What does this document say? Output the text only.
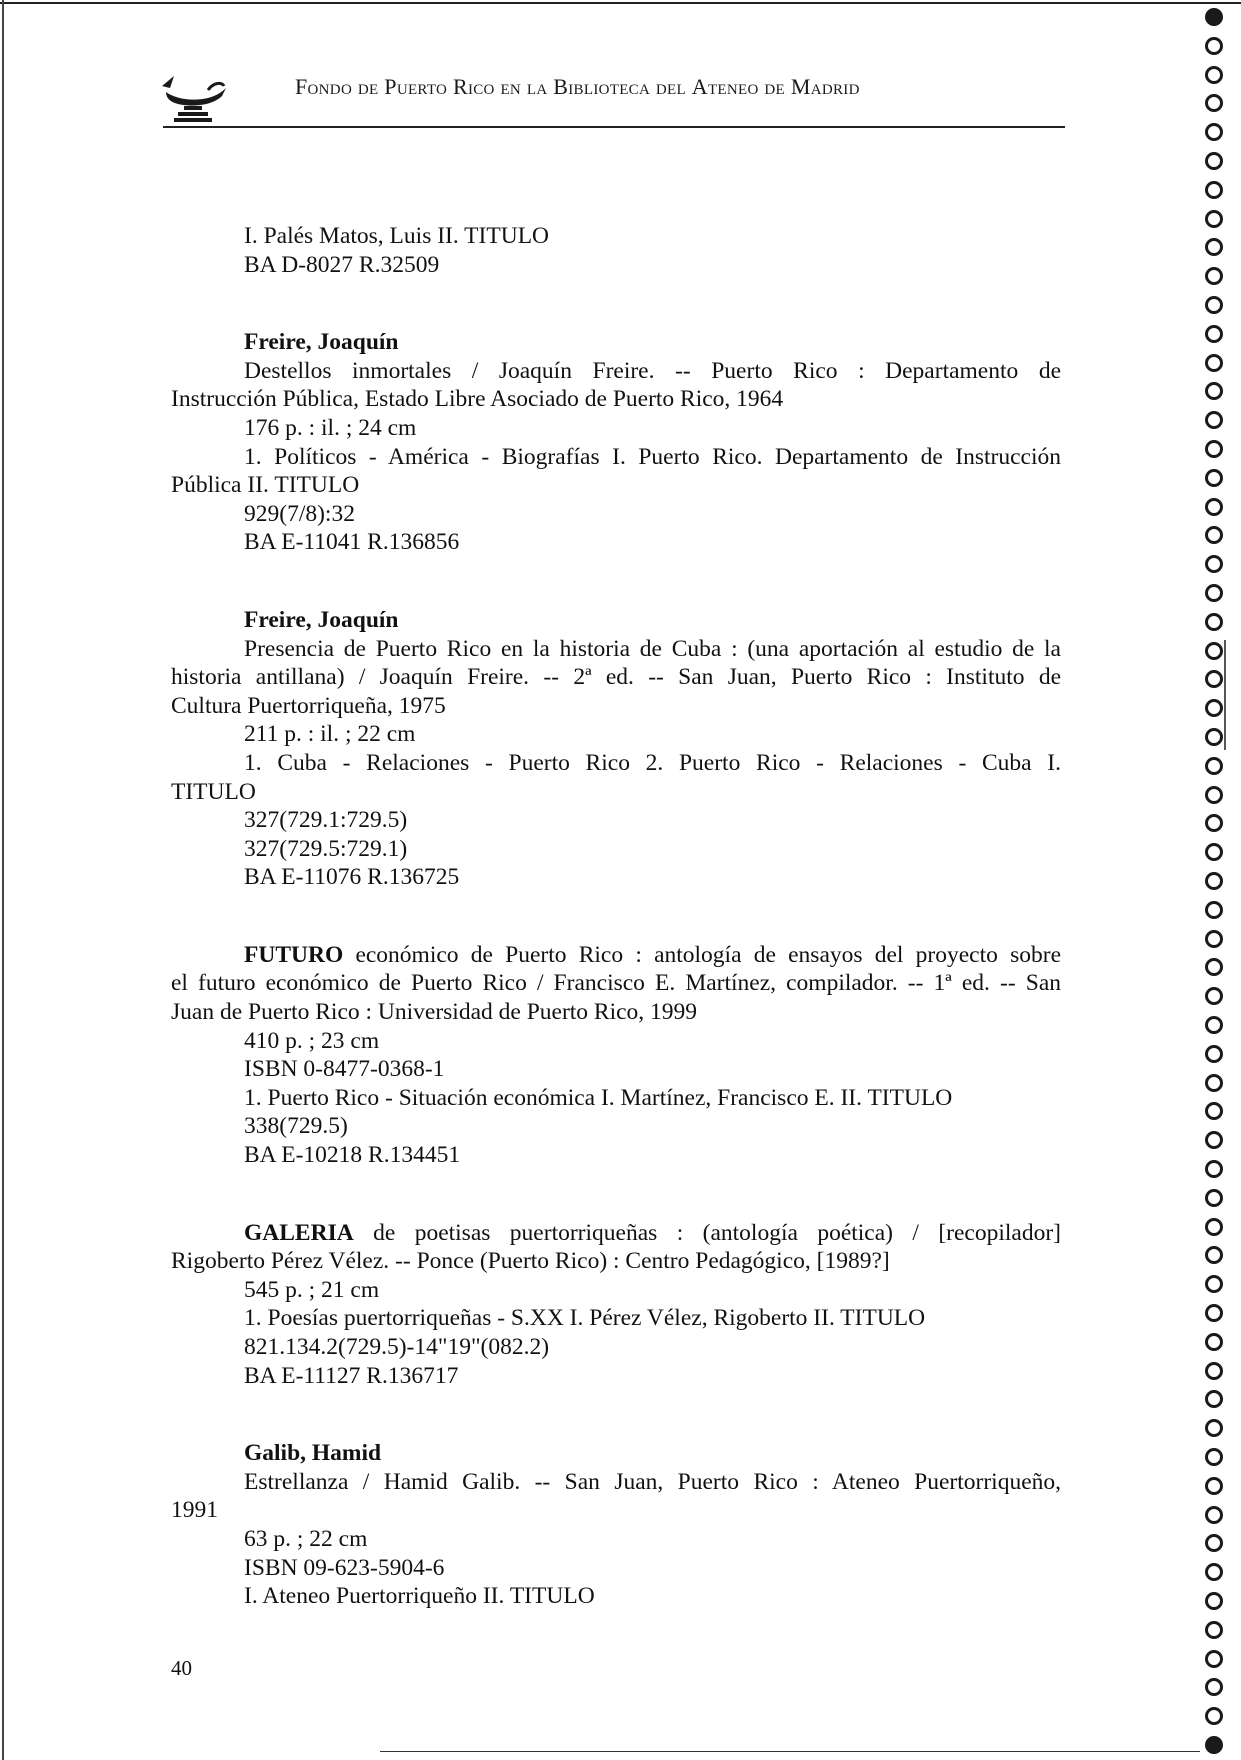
Fondo de Puerto Rico en la Biblioteca del Ateneo de Madrid
I. Palés Matos, Luis II. TITULO
BA D-8027 R.32509
Freire, Joaquín
Destellos inmortales / Joaquín Freire. -- Puerto Rico : Departamento de
Instrucción Pública, Estado Libre Asociado de Puerto Rico, 1964
176 p. : il. ; 24 cm
1. Políticos - América - Biografías I. Puerto Rico. Departamento de Instrucción
Pública II. TITULO
929(7/8):32
BA E-11041 R.136856
Freire, Joaquín
Presencia de Puerto Rico en la historia de Cuba : (una aportación al estudio de la
historia antillana) / Joaquín Freire. -- 2ª ed. -- San Juan, Puerto Rico : Instituto de
Cultura Puertorriqueña, 1975
211 p. : il. ; 22 cm
1. Cuba - Relaciones - Puerto Rico 2. Puerto Rico - Relaciones - Cuba I.
TITULO
327(729.1:729.5)
327(729.5:729.1)
BA E-11076 R.136725
FUTURO económico de Puerto Rico : antología de ensayos del proyecto sobre
el futuro económico de Puerto Rico / Francisco E. Martínez, compilador. -- 1ª ed. -- San
Juan de Puerto Rico : Universidad de Puerto Rico, 1999
410 p. ; 23 cm
ISBN 0-8477-0368-1
1. Puerto Rico - Situación económica I. Martínez, Francisco E. II. TITULO
338(729.5)
BA E-10218 R.134451
GALERIA de poetisas puertorriqueñas : (antología poética) / [recopilador]
Rigoberto Pérez Vélez. -- Ponce (Puerto Rico) : Centro Pedagógico, [1989?]
545 p. ; 21 cm
1. Poesías puertorriqueñas - S.XX I. Pérez Vélez, Rigoberto II. TITULO
821.134.2(729.5)-14"19"(082.2)
BA E-11127 R.136717
Galib, Hamid
Estrellanza / Hamid Galib. -- San Juan, Puerto Rico : Ateneo Puertorriqueño,
1991
63 p. ; 22 cm
ISBN 09-623-5904-6
I. Ateneo Puertorriqueño II. TITULO
40
